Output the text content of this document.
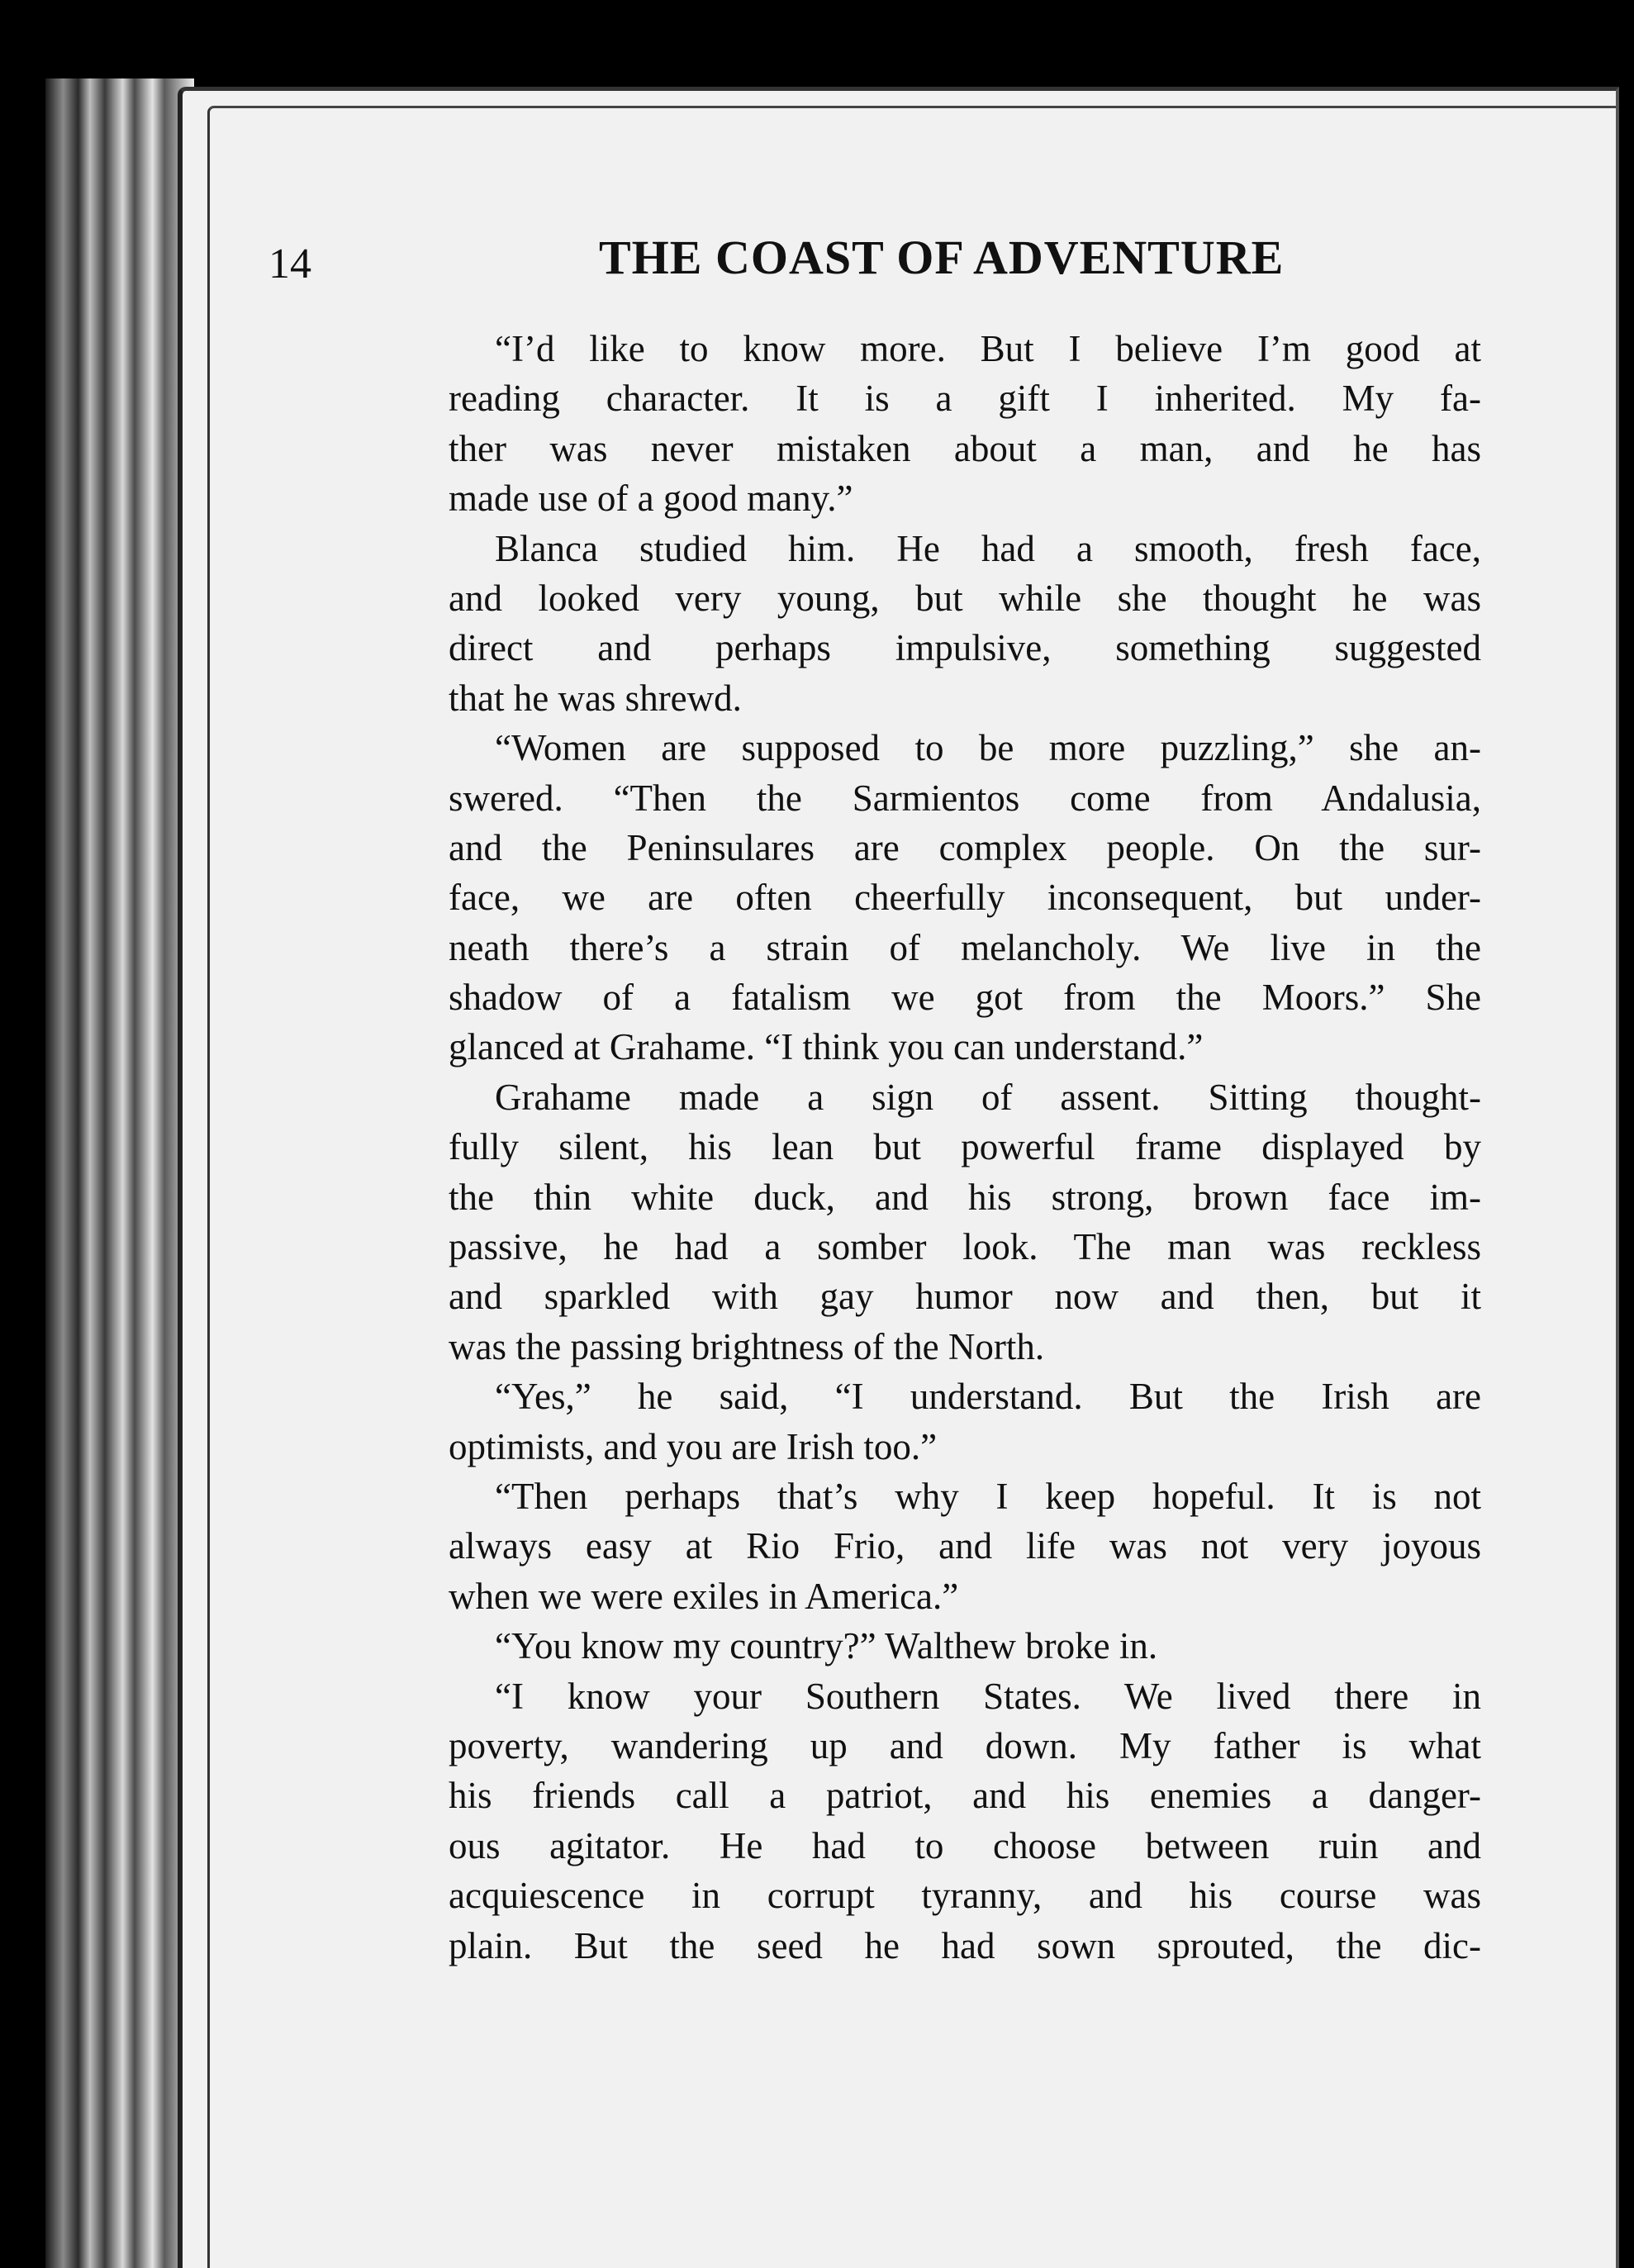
14	THE COAST OF ADVENTURE
“I’d like to know more. But I believe I’m good at
reading character. It is a gift I inherited. My fa-
ther was never mistaken about a man, and he has
made use of a good many.”
Blanca studied him. He had a smooth, fresh face,
and looked very young, but while she thought he was
direct and perhaps impulsive, something suggested
that he was shrewd.
“Women are supposed to be more puzzling,” she an-
swered. “Then the Sarmientos come from Andalusia,
and the Peninsulares are complex people. On the sur-
face, we are often cheerfully inconsequent, but under-
neath there’s a strain of melancholy. We live in the
shadow of a fatalism we got from the Moors.” She
glanced at Grahame. “I think you can understand.”
Grahame made a sign of assent. Sitting thought-
fully silent, his lean but powerful frame displayed by
the thin white duck, and his strong, brown face im-
passive, he had a somber look. The man was reckless
and sparkled with gay humor now and then, but it
was the passing brightness of the North.
“Yes,” he said, “I understand. But the Irish are
optimists, and you are Irish too.”
“Then perhaps that’s why I keep hopeful. It is not
always easy at Rio Frio, and life was not very joyous
when we were exiles in America.”
“You know my country?” Walthew broke in.
“I know your Southern States. We lived there in
poverty, wandering up and down. My father is what
his friends call a patriot, and his enemies a danger-
ous agitator. He had to choose between ruin and
acquiescence in corrupt tyranny, and his course was
plain. But the seed he had sown sprouted, the dic-
